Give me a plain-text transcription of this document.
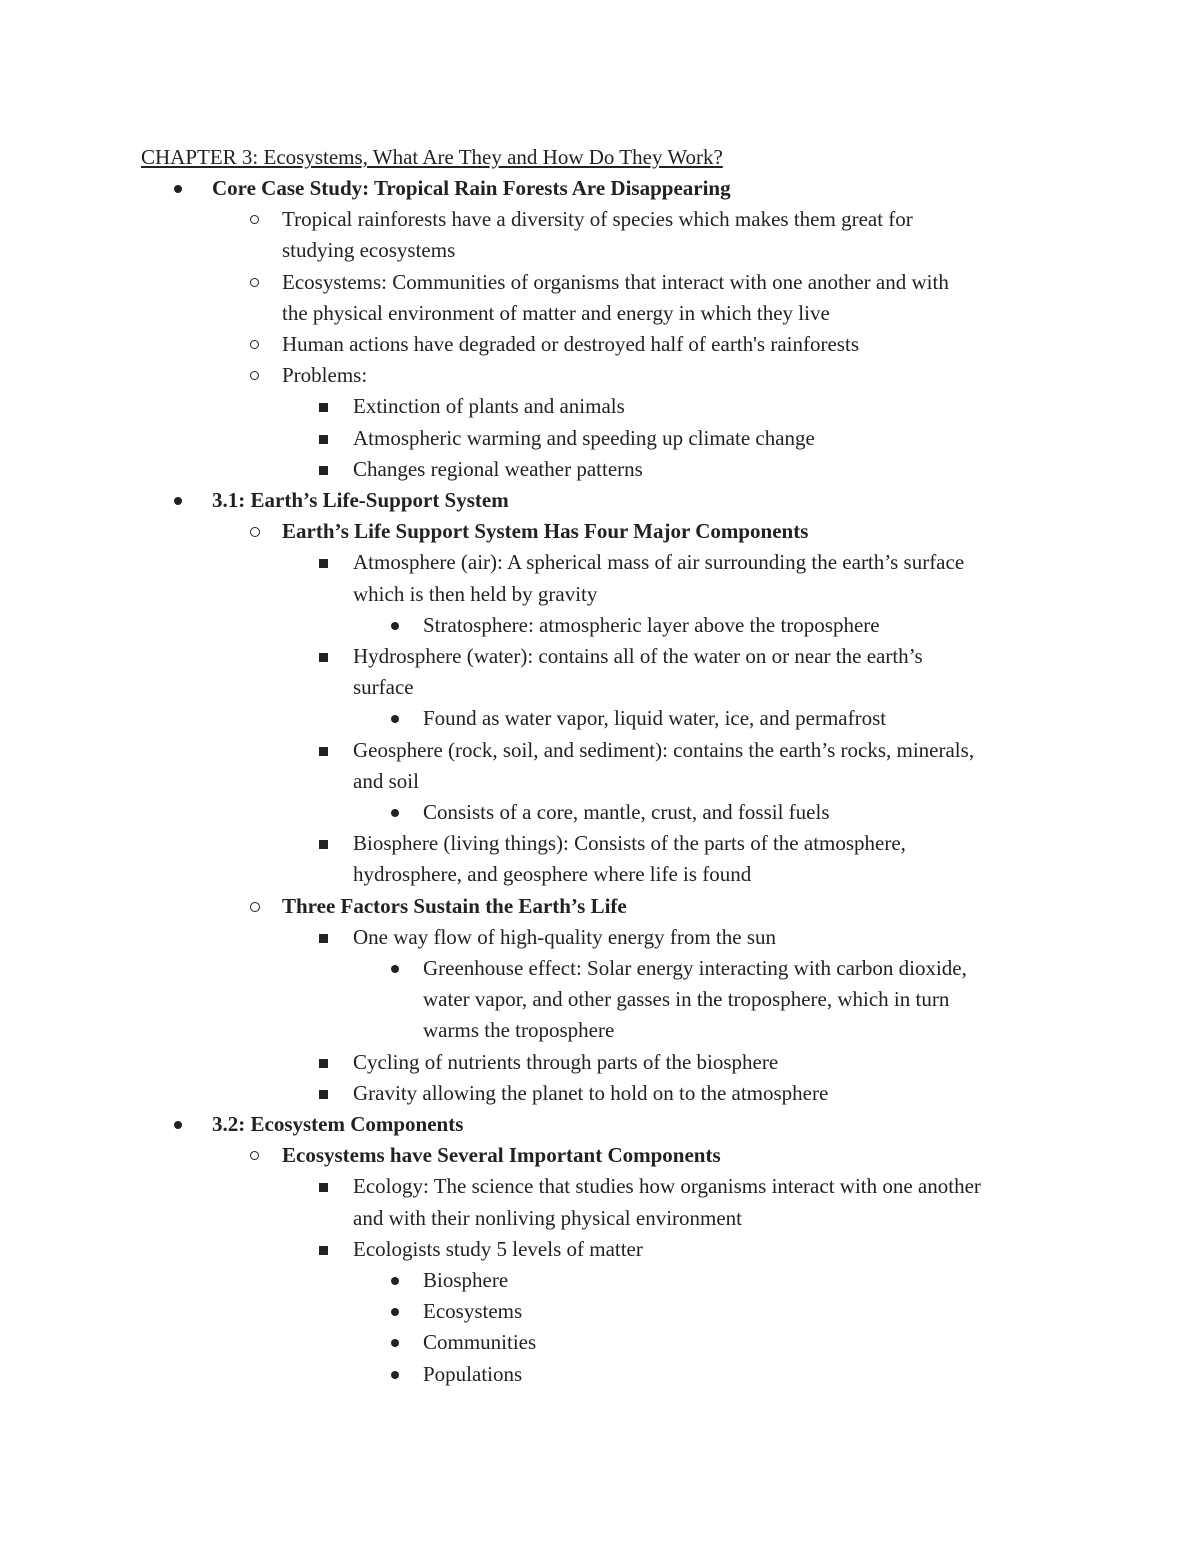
CHAPTER 3: Ecosystems, What Are They and How Do They Work?
Core Case Study: Tropical Rain Forests Are Disappearing
Tropical rainforests have a diversity of species which makes them great for
studying ecosystems
Ecosystems: Communities of organisms that interact with one another and with
the physical environment of matter and energy in which they live
Human actions have degraded or destroyed half of earth's rainforests
Problems:
Extinction of plants and animals
Atmospheric warming and speeding up climate change
Changes regional weather patterns
3.1: Earth’s Life-Support System
Earth’s Life Support System Has Four Major Components
Atmosphere (air): A spherical mass of air surrounding the earth’s surface
which is then held by gravity
Stratosphere: atmospheric layer above the troposphere
Hydrosphere (water): contains all of the water on or near the earth’s
surface
Found as water vapor, liquid water, ice, and permafrost
Geosphere (rock, soil, and sediment): contains the earth’s rocks, minerals,
and soil
Consists of a core, mantle, crust, and fossil fuels
Biosphere (living things): Consists of the parts of the atmosphere,
hydrosphere, and geosphere where life is found
Three Factors Sustain the Earth’s Life
One way flow of high-quality energy from the sun
Greenhouse effect: Solar energy interacting with carbon dioxide,
water vapor, and other gasses in the troposphere, which in turn
warms the troposphere
Cycling of nutrients through parts of the biosphere
Gravity allowing the planet to hold on to the atmosphere
3.2: Ecosystem Components
Ecosystems have Several Important Components
Ecology: The science that studies how organisms interact with one another
and with their nonliving physical environment
Ecologists study 5 levels of matter
Biosphere
Ecosystems
Communities
Populations
